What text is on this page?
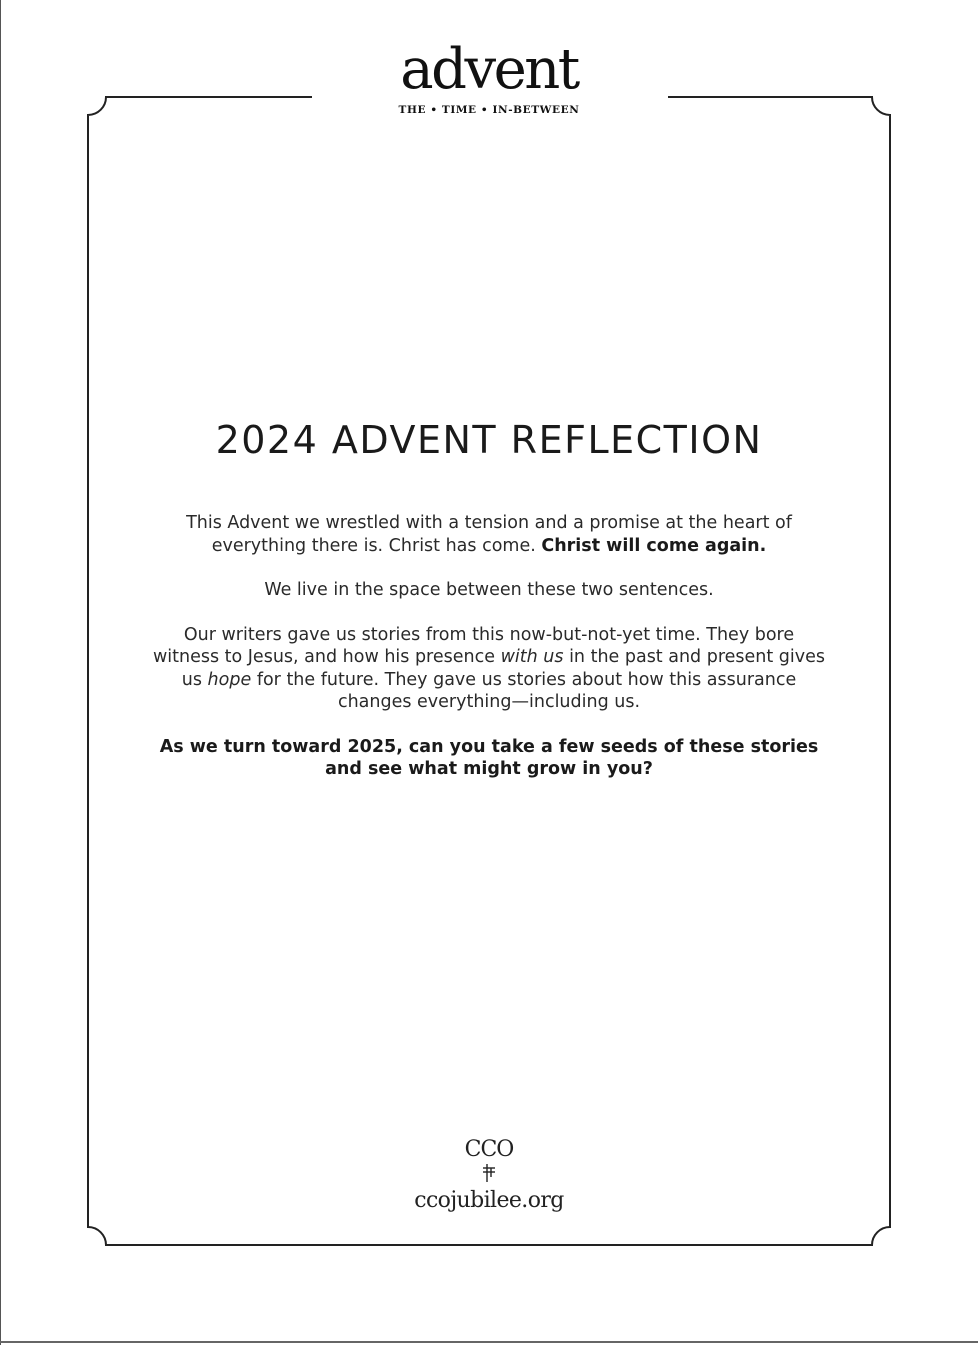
advent
THE • TIME • IN-BETWEEN
2024 ADVENT REFLECTION

This Advent we wrestled with a tension and a promise at the heart of everything there is. Christ has come. Christ will come again.

We live in the space between these two sentences.

Our writers gave us stories from this now-but-not-yet time. They bore witness to Jesus, and how his presence with us in the past and present gives us hope for the future. They gave us stories about how this assurance changes everything—including us.

As we turn toward 2025, can you take a few seeds of these stories and see what might grow in you?

CCO
ccojubilee.org
